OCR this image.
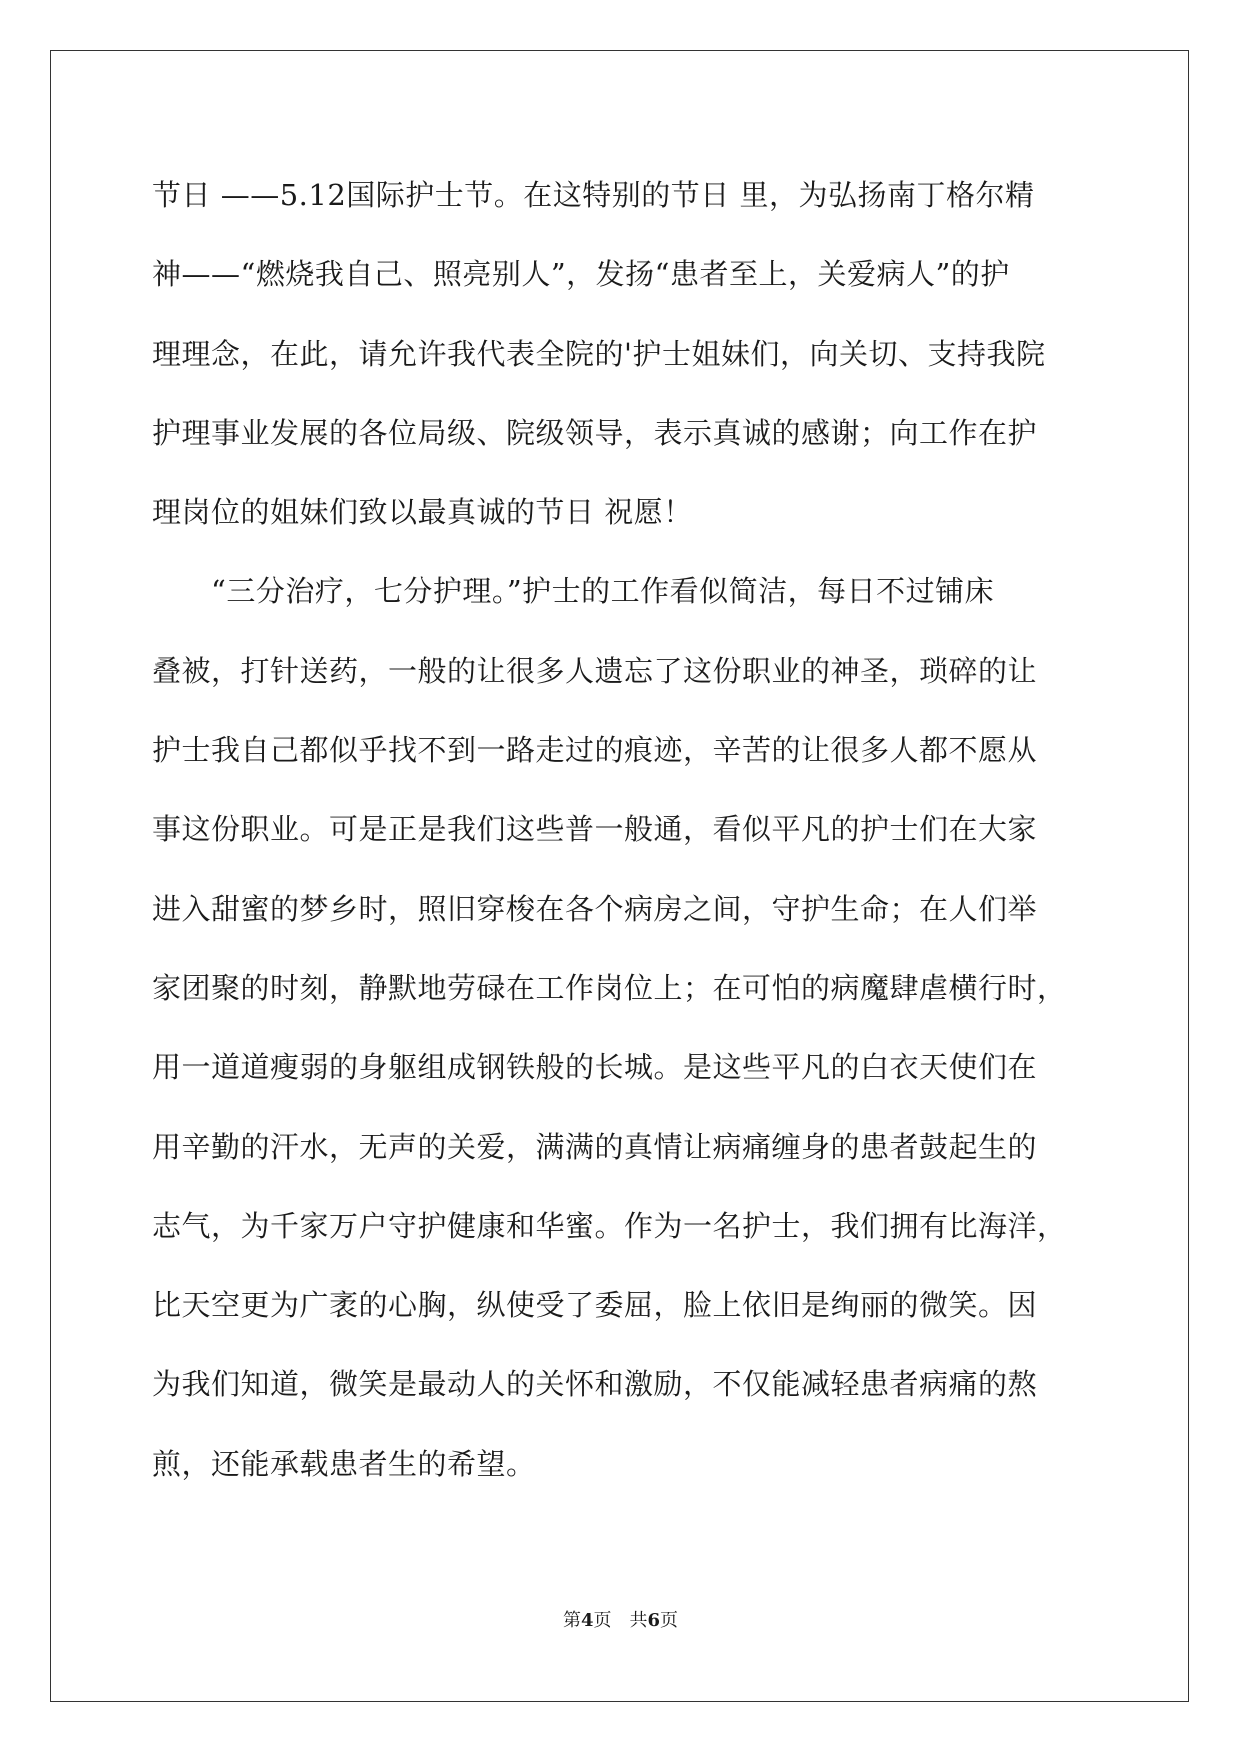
节日 ——5.12国际护士节。在这特别的节日 里，为弘扬南丁格尔精
神——“燃烧我自己、照亮别人”，发扬“患者至上，关爱病人”的护
理理念，在此，请允许我代表全院的'护士姐妹们，向关切、支持我院
护理事业发展的各位局级、院级领导，表示真诚的感谢；向工作在护
理岗位的姐妹们致以最真诚的节日 祝愿！
“三分治疗，七分护理。”护士的工作看似简洁，每日不过铺床
叠被，打针送药，一般的让很多人遗忘了这份职业的神圣，琐碎的让
护士我自己都似乎找不到一路走过的痕迹，辛苦的让很多人都不愿从
事这份职业。可是正是我们这些普一般通，看似平凡的护士们在大家
进入甜蜜的梦乡时，照旧穿梭在各个病房之间，守护生命；在人们举
家团聚的时刻，静默地劳碌在工作岗位上；在可怕的病魔肆虐横行时，
用一道道瘦弱的身躯组成钢铁般的长城。是这些平凡的白衣天使们在
用辛勤的汗水，无声的关爱，满满的真情让病痛缠身的患者鼓起生的
志气，为千家万户守护健康和华蜜。作为一名护士，我们拥有比海洋，
比天空更为广袤的心胸，纵使受了委屈，脸上依旧是绚丽的微笑。因
为我们知道，微笑是最动人的关怀和激励，不仅能减轻患者病痛的熬
煎，还能承载患者生的希望。
第4页　共6页
